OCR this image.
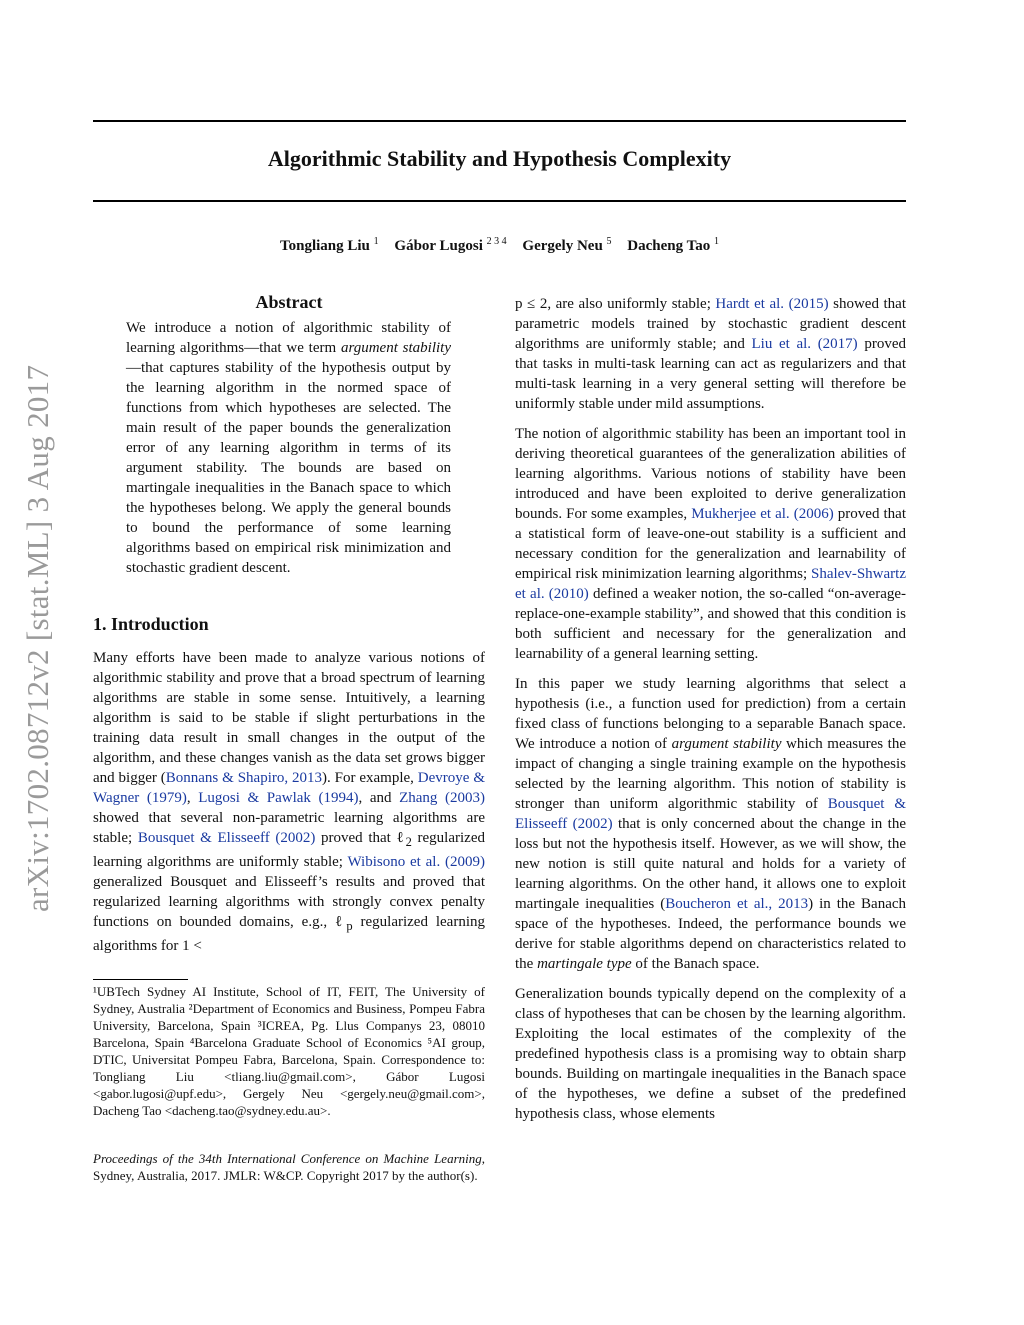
Algorithmic Stability and Hypothesis Complexity
Tongliang Liu $^1$ Gábor Lugosi $^{2 3 4}$ Gergely Neu $^5$ Dacheng Tao $^1$
arXiv:1702.08712v2 [stat.ML] 3 Aug 2017
Abstract
We introduce a notion of algorithmic stability of learning algorithms—that we term argument stability—that captures stability of the hypothesis output by the learning algorithm in the normed space of functions from which hypotheses are selected. The main result of the paper bounds the generalization error of any learning algorithm in terms of its argument stability. The bounds are based on martingale inequalities in the Banach space to which the hypotheses belong. We apply the general bounds to bound the performance of some learning algorithms based on empirical risk minimization and stochastic gradient descent.
1. Introduction
Many efforts have been made to analyze various notions of algorithmic stability and prove that a broad spectrum of learning algorithms are stable in some sense. Intuitively, a learning algorithm is said to be stable if slight perturbations in the training data result in small changes in the output of the algorithm, and these changes vanish as the data set grows bigger and bigger (Bonnans & Shapiro, 2013). For example, Devroye & Wagner (1979), Lugosi & Pawlak (1994), and Zhang (2003) showed that several non-parametric learning algorithms are stable; Bousquet & Elisseeff (2002) proved that ℓ$_2$ regularized learning algorithms are uniformly stable; Wibisono et al. (2009) generalized Bousquet and Elisseeff’s results and proved that regularized learning algorithms with strongly convex penalty functions on bounded domains, e.g., ℓ$_p$ regularized learning algorithms for 1 <
¹UBTech Sydney AI Institute, School of IT, FEIT, The University of Sydney, Australia ²Department of Economics and Business, Pompeu Fabra University, Barcelona, Spain ³ICREA, Pg. Llus Companys 23, 08010 Barcelona, Spain ⁴Barcelona Graduate School of Economics ⁵AI group, DTIC, Universitat Pompeu Fabra, Barcelona, Spain. Correspondence to: Tongliang Liu <tliang.liu@gmail.com>, Gábor Lugosi <gabor.lugosi@upf.edu>, Gergely Neu <gergely.neu@gmail.com>, Dacheng Tao <dacheng.tao@sydney.edu.au>.
Proceedings of the 34th International Conference on Machine Learning, Sydney, Australia, 2017. JMLR: W&CP. Copyright 2017 by the author(s).

p ≤ 2, are also uniformly stable; Hardt et al. (2015) showed that parametric models trained by stochastic gradient descent algorithms are uniformly stable; and Liu et al. (2017) proved that tasks in multi-task learning can act as regularizers and that multi-task learning in a very general setting will therefore be uniformly stable under mild assumptions.

The notion of algorithmic stability has been an important tool in deriving theoretical guarantees of the generalization abilities of learning algorithms. Various notions of stability have been introduced and have been exploited to derive generalization bounds. For some examples, Mukherjee et al. (2006) proved that a statistical form of leave-one-out stability is a sufficient and necessary condition for the generalization and learnability of empirical risk minimization learning algorithms; Shalev-Shwartz et al. (2010) defined a weaker notion, the so-called “on-average-replace-one-example stability”, and showed that this condition is both sufficient and necessary for the generalization and learnability of a general learning setting.

In this paper we study learning algorithms that select a hypothesis (i.e., a function used for prediction) from a certain fixed class of functions belonging to a separable Banach space. We introduce a notion of argument stability which measures the impact of changing a single training example on the hypothesis selected by the learning algorithm. This notion of stability is stronger than uniform algorithmic stability of Bousquet & Elisseeff (2002) that is only concerned about the change in the loss but not the hypothesis itself. However, as we will show, the new notion is still quite natural and holds for a variety of learning algorithms. On the other hand, it allows one to exploit martingale inequalities (Boucheron et al., 2013) in the Banach space of the hypotheses. Indeed, the performance bounds we derive for stable algorithms depend on characteristics related to the martingale type of the Banach space.

Generalization bounds typically depend on the complexity of a class of hypotheses that can be chosen by the learning algorithm. Exploiting the local estimates of the complexity of the predefined hypothesis class is a promising way to obtain sharp bounds. Building on martingale inequalities in the Banach space of the hypotheses, we define a subset of the predefined hypothesis class, whose elements
